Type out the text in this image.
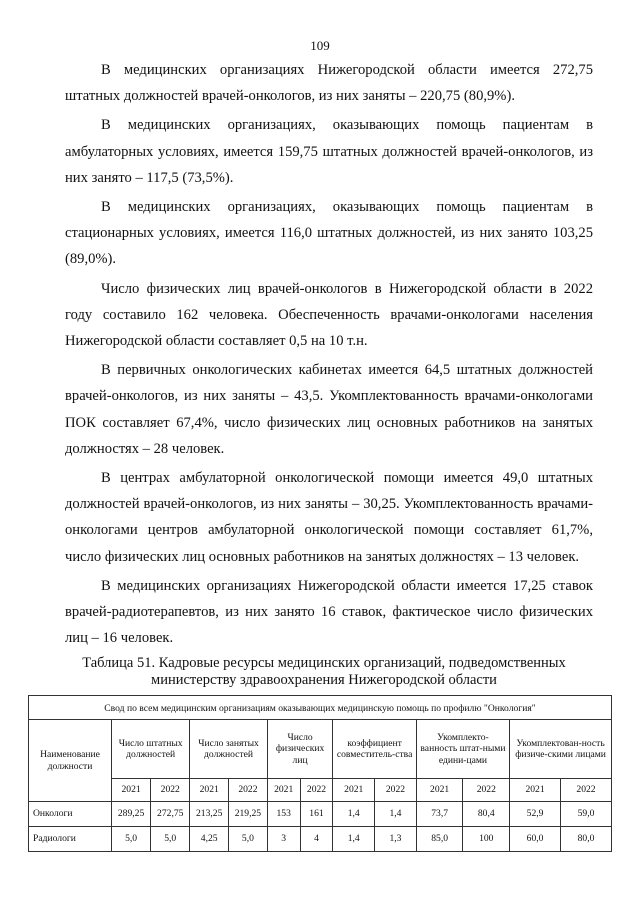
109

В медицинских организациях Нижегородской области имеется 272,75 штатных должностей врачей-онкологов, из них заняты – 220,75 (80,9%).

В медицинских организациях, оказывающих помощь пациентам в амбулаторных условиях, имеется 159,75 штатных должностей врачей-онкологов, из них занято – 117,5 (73,5%).

В медицинских организациях, оказывающих помощь пациентам в стационарных условиях, имеется 116,0 штатных должностей, из них занято 103,25 (89,0%).

Число физических лиц врачей-онкологов в Нижегородской области в 2022 году составило 162 человека. Обеспеченность врачами-онкологами населения Нижегородской области составляет 0,5 на 10 т.н.

В первичных онкологических кабинетах имеется 64,5 штатных должностей врачей-онкологов, из них заняты – 43,5. Укомплектованность врачами-онкологами ПОК составляет 67,4%, число физических лиц основных работников на занятых должностях – 28 человек.

В центрах амбулаторной онкологической помощи имеется 49,0 штатных должностей врачей-онкологов, из них заняты – 30,25. Укомплектованность врачами-онкологами центров амбулаторной онкологической помощи составляет 61,7%, число физических лиц основных работников на занятых должностях – 13 человек.

В медицинских организациях Нижегородской области имеется 17,25 ставок врачей-радиотерапевтов, из них занято 16 ставок, фактическое число физических лиц – 16 человек.

Таблица 51. Кадровые ресурсы медицинских организаций, подведомственных министерству здравоохранения Нижегородской области
Свод по всем медицинским организациям оказывающих медицинскую помощь по профилю "Онкология"												
Наименование должности	Число штатных должностей		Число занятых должностей		Число физических лиц		коэффициент совместитель-ства		Укомплекто-ванность штат-ными едини-цами		Укомплектован-ность физиче-скими лицами	
	2021	2022	2021	2022	2021	2022	2021	2022	2021	2022	2021	2022
Онкологи	289,25	272,75	213,25	219,25	153	161	1,4	1,4	73,7	80,4	52,9	59,0
Радиологи	5,0	5,0	4,25	5,0	3	4	1,4	1,3	85,0	100	60,0	80,0
